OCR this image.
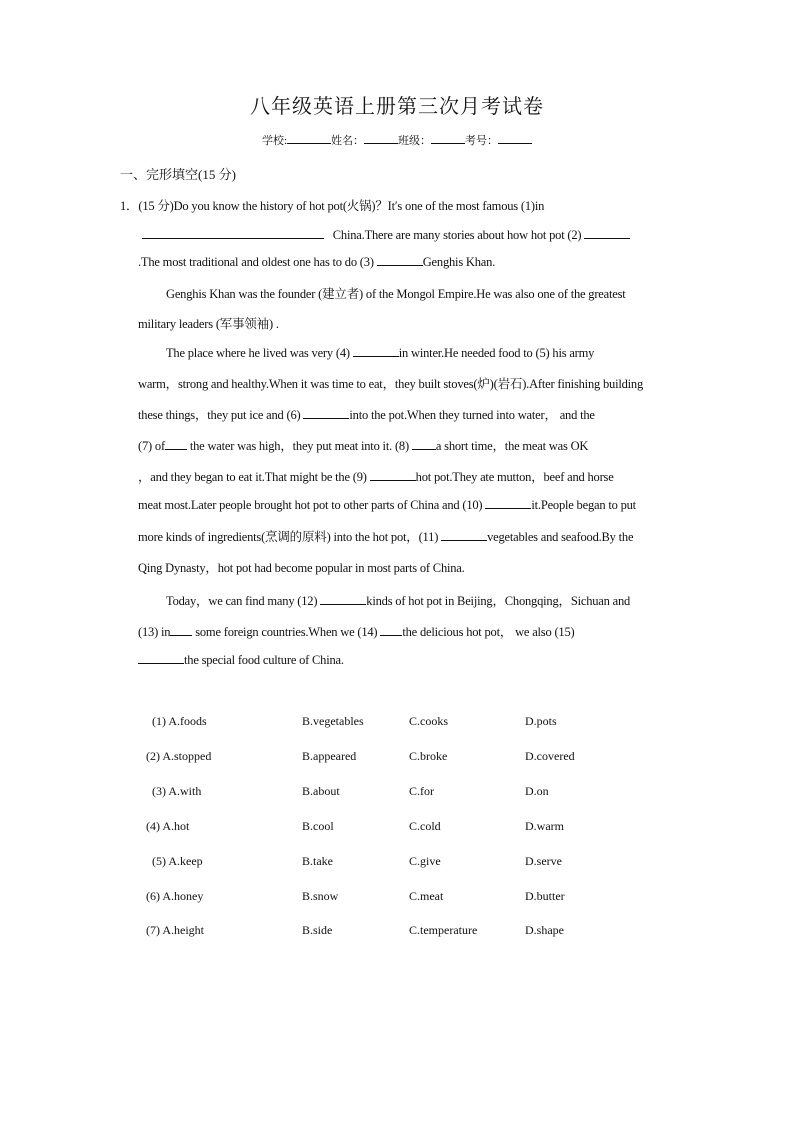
八年级英语上册第三次月考试卷
学校:	姓名：	班级：	考号：
一、完形填空(15 分)
1．(15 分)Do you know the history of hot pot(火锅)？It′s one of the most famous (1)in
China.There are many stories about how hot pot (2)
.The most traditional and oldest one has to do (3)	Genghis Khan.
Genghis Khan was the founder (建立者) of the Mongol Empire.He was also one of the greatest
military leaders (军事领袖) .
The place where he lived was very (4)	in winter.He needed food to (5) his army
warm，strong and healthy.When it was time to eat，they built stoves(炉)(岩石).After finishing building
these things，they put ice and (6)	into the pot.When they turned into water， and the
(7) of the water was high，they put meat into it. (8) a short time，the meat was OK
，and they began to eat it.That might be the (9)	hot pot.They ate mutton，beef and horse
meat most.Later people brought hot pot to other parts of China and (10)	it.People began to put
more kinds of ingredients(烹调的原料) into the hot pot，(11)	vegetables and seafood.By the
Qing Dynasty，hot pot had become popular in most parts of China.
Today，we can find many (12)	kinds of hot pot in Beijing，Chongqing，Sichuan and
(13) in some foreign countries.When we (14) the delicious hot pot， we also (15)
the special food culture of China.
(1) A.foods	B.vegetables	C.cooks	D.pots
(2) A.stopped	B.appeared	C.broke	D.covered
(3) A.with	B.about	C.for	D.on
(4) A.hot	B.cool	C.cold	D.warm
(5) A.keep	B.take	C.give	D.serve
(6) A.honey	B.snow	C.meat	D.butter
(7) A.height	B.side	C.temperature	D.shape
